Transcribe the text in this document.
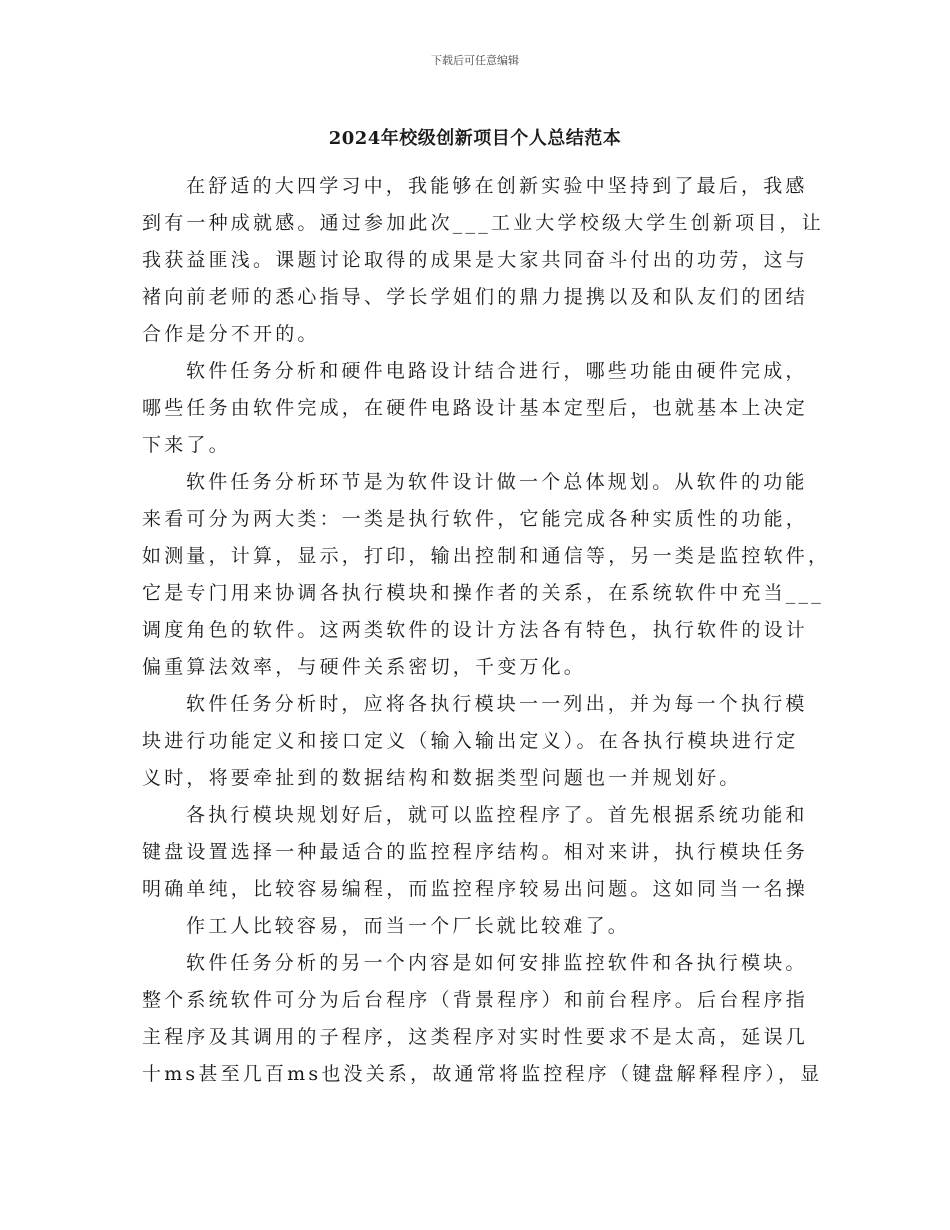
下载后可任意编辑
2024年校级创新项目个人总结范本
在舒适的大四学习中，我能够在创新实验中坚持到了最后，我感
到有一种成就感。通过参加此次___工业大学校级大学生创新项目，让
我获益匪浅。课题讨论取得的成果是大家共同奋斗付出的功劳，这与
褚向前老师的悉心指导、学长学姐们的鼎力提携以及和队友们的团结
合作是分不开的。
软件任务分析和硬件电路设计结合进行，哪些功能由硬件完成，
哪些任务由软件完成，在硬件电路设计基本定型后，也就基本上决定
下来了。
软件任务分析环节是为软件设计做一个总体规划。从软件的功能
来看可分为两大类：一类是执行软件，它能完成各种实质性的功能，
如测量，计算，显示，打印，输出控制和通信等，另一类是监控软件，
它是专门用来协调各执行模块和操作者的关系，在系统软件中充当___
调度角色的软件。这两类软件的设计方法各有特色，执行软件的设计
偏重算法效率，与硬件关系密切，千变万化。
软件任务分析时，应将各执行模块一一列出，并为每一个执行模
块进行功能定义和接口定义（输入输出定义）。在各执行模块进行定
义时，将要牵扯到的数据结构和数据类型问题也一并规划好。
各执行模块规划好后，就可以监控程序了。首先根据系统功能和
键盘设置选择一种最适合的监控程序结构。相对来讲，执行模块任务
明确单纯，比较容易编程，而监控程序较易出问题。这如同当一名操
作工人比较容易，而当一个厂长就比较难了。
软件任务分析的另一个内容是如何安排监控软件和各执行模块。
整个系统软件可分为后台程序（背景程序）和前台程序。后台程序指
主程序及其调用的子程序，这类程序对实时性要求不是太高，延误几
十ms甚至几百ms也没关系，故通常将监控程序（键盘解释程序），显
